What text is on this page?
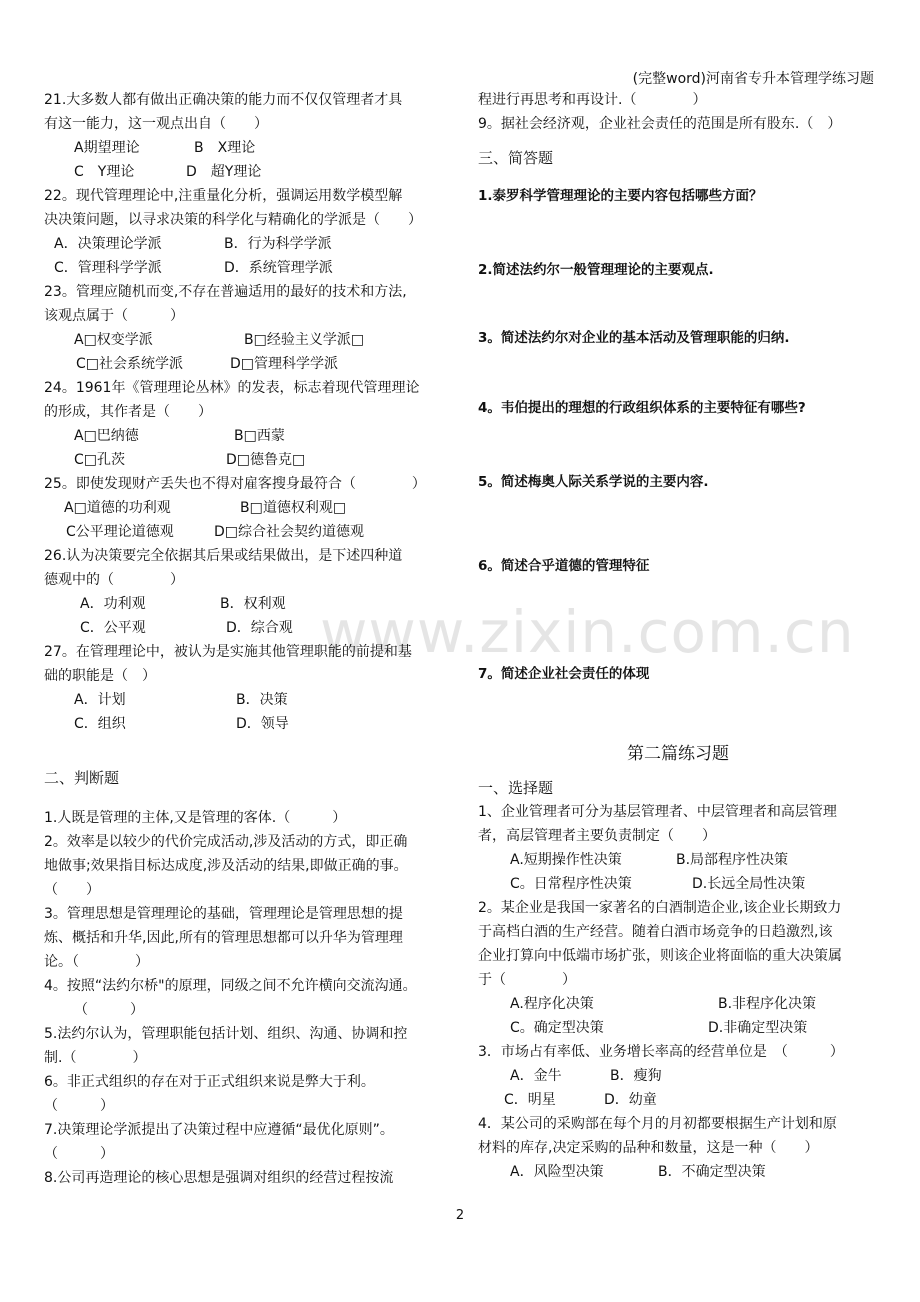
(完整word)河南省专升本管理学练习题
www.zixin.com.cn
21.大多数人都有做出正确决策的能力而不仅仅管理者才具
有这一能力，这一观点出自（　　）
A期望理论	B　X理论
C　Y理论	D　超Y理论
22。现代管理理论中,注重量化分析，强调运用数学模型解
决决策问题，以寻求决策的科学化与精确化的学派是（　　）
A．决策理论学派	B．行为科学学派
C．管理科学学派	D．系统管理学派
23。管理应随机而变,不存在普遍适用的最好的技术和方法,
该观点属于（　　　）
A□权变学派	B□经验主义学派□
C□社会系统学派	D□管理科学学派
24。1961年《管理理论丛林》的发表，标志着现代管理理论
的形成，其作者是（　　）
A□巴纳德	B□西蒙
C□孔茨	D□德鲁克□
25。即使发现财产丢失也不得对雇客搜身最符合（　　　　）
A□道德的功利观	B□道德权利观□
C公平理论道德观	D□综合社会契约道德观
26.认为决策要完全依据其后果或结果做出，是下述四种道
德观中的（　　　　）
A．功利观	B．权利观
C．公平观	D．综合观
27。在管理理论中，被认为是实施其他管理职能的前提和基
础的职能是（　）
A．计划	B．决策
C．组织	D．领导
二、判断题
1.人既是管理的主体,又是管理的客体.（　　　）
2。效率是以较少的代价完成活动,涉及活动的方式，即正确
地做事;效果指目标达成度,涉及活动的结果,即做正确的事。
（　　）
3。管理思想是管理理论的基础，管理理论是管理思想的提
炼、概括和升华,因此,所有的管理思想都可以升华为管理理
论。（　　　　）
4。按照“法约尔桥"的原理，同级之间不允许横向交流沟通。
（　　　）
5.法约尔认为，管理职能包括计划、组织、沟通、协调和控
制.（　　　　）
6。非正式组织的存在对于正式组织来说是弊大于利。
（　　　）
7.决策理论学派提出了决策过程中应遵循“最优化原则”。
（　　　）
8.公司再造理论的核心思想是强调对组织的经营过程按流
程进行再思考和再设计.（　　　　）
9。据社会经济观，企业社会责任的范围是所有股东.（　）
三、简答题
1.泰罗科学管理理论的主要内容包括哪些方面？
2.简述法约尔一般管理理论的主要观点.
3。简述法约尔对企业的基本活动及管理职能的归纳.
4。韦伯提出的理想的行政组织体系的主要特征有哪些?
5。简述梅奥人际关系学说的主要内容.
6。简述合乎道德的管理特征
7。简述企业社会责任的体现
第二篇练习题
一、选择题
1、企业管理者可分为基层管理者、中层管理者和高层管理
者，高层管理者主要负责制定（　　）
A.短期操作性决策	B.局部程序性决策
C。日常程序性决策	D.长远全局性决策
2。某企业是我国一家著名的白酒制造企业,该企业长期致力
于高档白酒的生产经营。随着白酒市场竞争的日趋激烈,该
企业打算向中低端市场扩张，则该企业将面临的重大决策属
于（　　　　）
A.程序化决策	B.非程序化决策
C。确定型决策	D.非确定型决策
3．市场占有率低、业务增长率高的经营单位是　（　　　）
A．金牛	B．瘦狗
C．明星	D．幼童
4．某公司的采购部在每个月的月初都要根据生产计划和原
材料的库存,决定采购的品种和数量，这是一种（　　）
A．风险型决策	B．不确定型决策
2
